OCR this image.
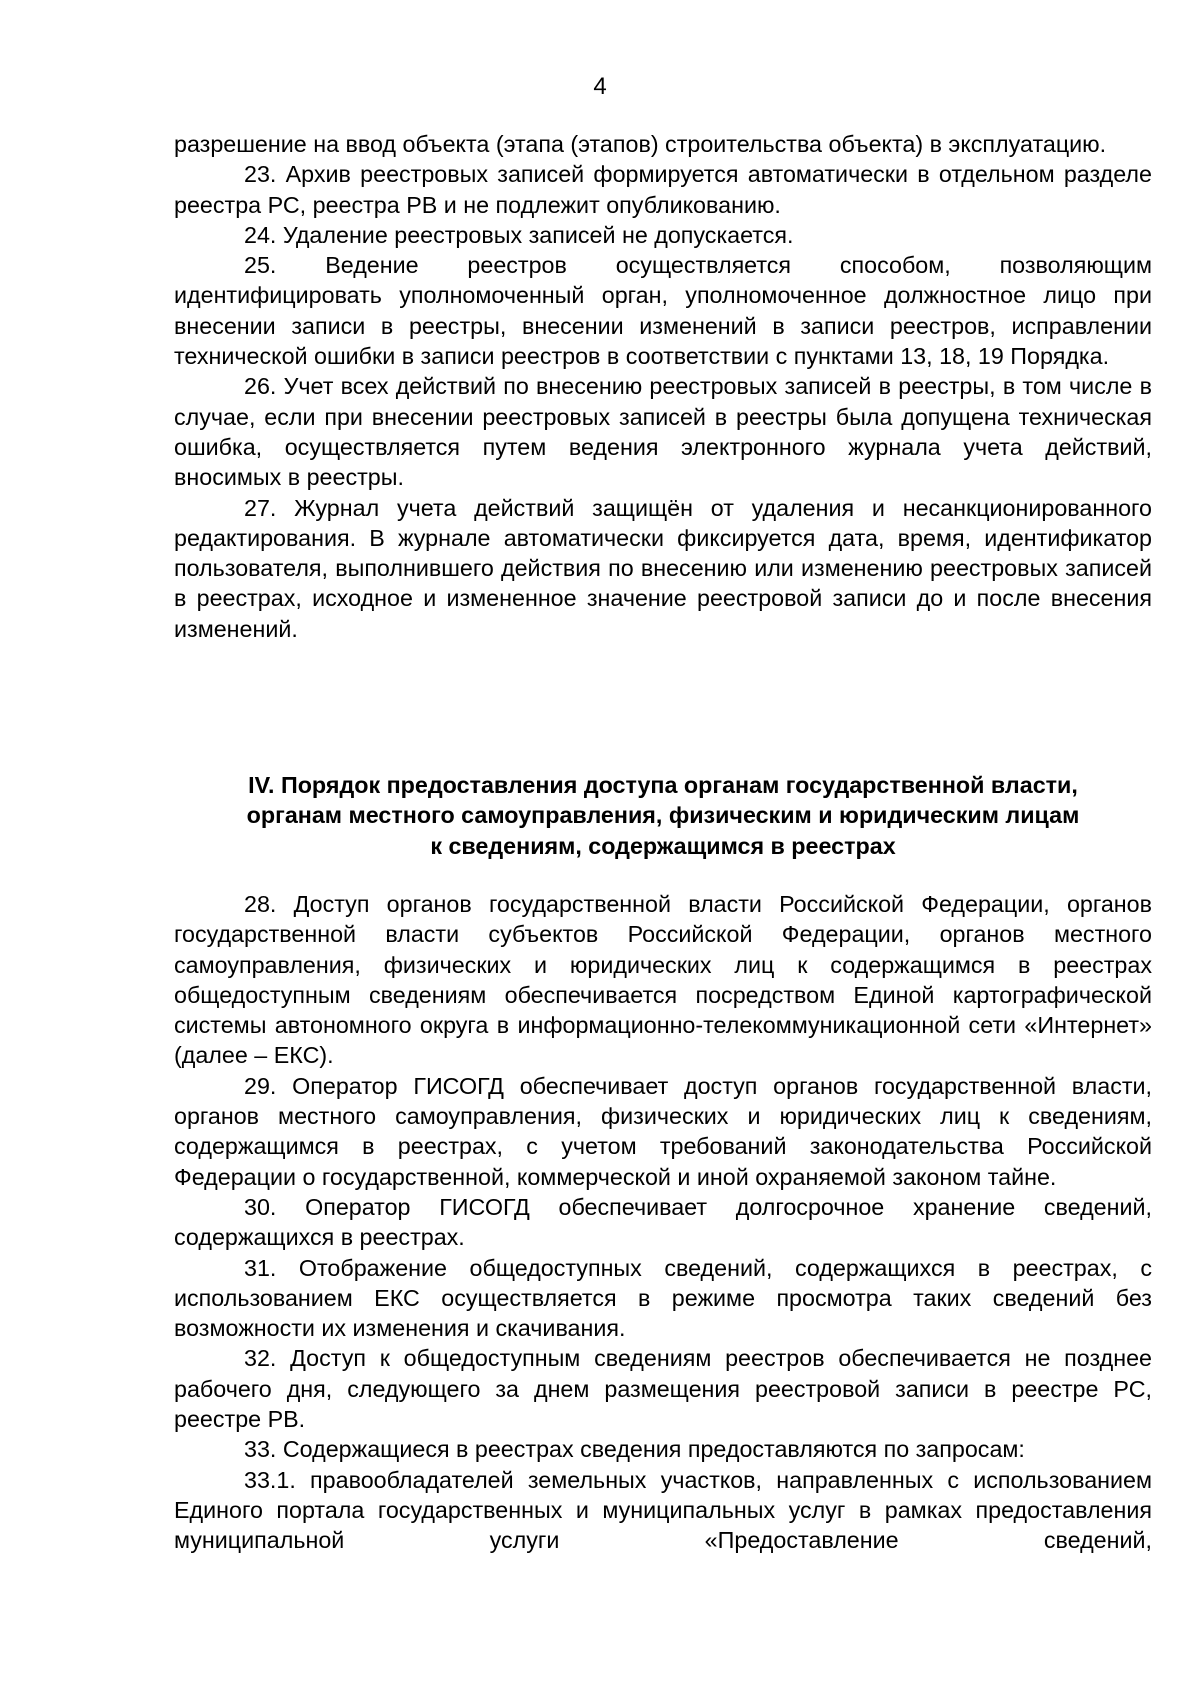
4

разрешение на ввод объекта (этапа (этапов) строительства объекта) в эксплуатацию.

23. Архив реестровых записей формируется автоматически в отдельном разделе реестра РС, реестра РВ и не подлежит опубликованию.

24. Удаление реестровых записей не допускается.

25. Ведение реестров осуществляется способом, позволяющим идентифицировать уполномоченный орган, уполномоченное должностное лицо при внесении записи в реестры, внесении изменений в записи реестров, исправлении технической ошибки в записи реестров в соответствии с пунктами 13, 18, 19 Порядка.

26. Учет всех действий по внесению реестровых записей в реестры, в том числе в случае, если при внесении реестровых записей в реестры была допущена техническая ошибка, осуществляется путем ведения электронного журнала учета действий, вносимых в реестры.

27. Журнал учета действий защищён от удаления и несанкционированного редактирования. В журнале автоматически фиксируется дата, время, идентификатор пользователя, выполнившего действия по внесению или изменению реестровых записей в реестрах, исходное и измененное значение реестровой записи до и после внесения изменений.

IV. Порядок предоставления доступа органам государственной власти,
органам местного самоуправления, физическим и юридическим лицам
к сведениям, содержащимся в реестрах

28. Доступ органов государственной власти Российской Федерации, органов государственной власти субъектов Российской Федерации, органов местного самоуправления, физических и юридических лиц к содержащимся в реестрах общедоступным сведениям обеспечивается посредством Единой картографической системы автономного округа в информационно-телекоммуникационной сети «Интернет» (далее – ЕКС).

29. Оператор ГИСОГД обеспечивает доступ органов государственной власти, органов местного самоуправления, физических и юридических лиц к сведениям, содержащимся в реестрах, с учетом требований законодательства Российской Федерации о государственной, коммерческой и иной охраняемой законом тайне.

30. Оператор ГИСОГД обеспечивает долгосрочное хранение сведений, содержащихся в реестрах.

31. Отображение общедоступных сведений, содержащихся в реестрах, с использованием ЕКС осуществляется в режиме просмотра таких сведений без возможности их изменения и скачивания.

32. Доступ к общедоступным сведениям реестров обеспечивается не позднее рабочего дня, следующего за днем размещения реестровой записи в реестре РС, реестре РВ.

33. Содержащиеся в реестрах сведения предоставляются по запросам:

33.1. правообладателей земельных участков, направленных с использованием Единого портала государственных и муниципальных услуг в рамках предоставления муниципальной услуги «Предоставление сведений,
